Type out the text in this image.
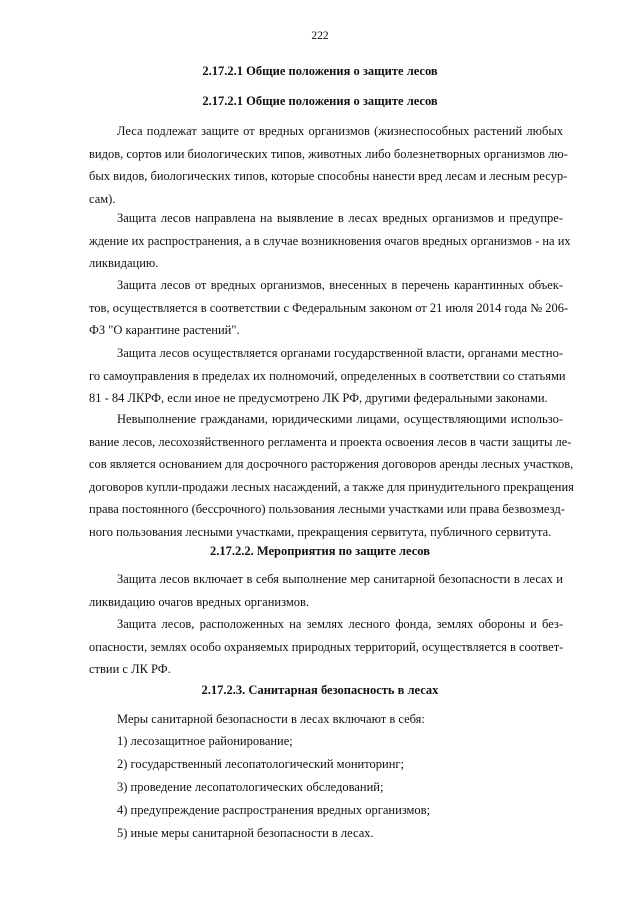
222
2.17.2.1 Общие положения о защите лесов
2.17.2.1 Общие положения о защите лесов
Леса подлежат защите от вредных организмов (жизнеспособных растений любых
видов, сортов или биологических типов, животных либо болезнетворных организмов лю-
бых видов, биологических типов, которые способны нанести вред лесам и лесным ресур-
сам).
Защита лесов направлена на выявление в лесах вредных организмов и предупре-
ждение их распространения, а в случае возникновения очагов вредных организмов - на их
ликвидацию.
Защита лесов от вредных организмов, внесенных в перечень карантинных объек-
тов, осуществляется в соответствии с Федеральным законом от 21 июля 2014 года № 206-
ФЗ "О карантине растений".
Защита лесов осуществляется органами государственной власти, органами местно-
го самоуправления в пределах их полномочий, определенных в соответствии со статьями
81 - 84 ЛКРФ, если иное не предусмотрено ЛК РФ, другими федеральными законами.
Невыполнение гражданами, юридическими лицами, осуществляющими использо-
вание лесов, лесохозяйственного регламента и проекта освоения лесов в части защиты ле-
сов является основанием для досрочного расторжения договоров аренды лесных участков,
договоров купли-продажи лесных насаждений, а также для принудительного прекращения
права постоянного (бессрочного) пользования лесными участками или права безвозмезд-
ного пользования лесными участками, прекращения сервитута, публичного сервитута.
2.17.2.2. Мероприятия по защите лесов
Защита лесов включает в себя выполнение мер санитарной безопасности в лесах и
ликвидацию очагов вредных организмов.
Защита лесов, расположенных на землях лесного фонда, землях обороны и без-
опасности, землях особо охраняемых природных территорий, осуществляется в соответ-
ствии с ЛК РФ.
2.17.2.3. Санитарная безопасность в лесах
Меры санитарной безопасности в лесах включают в себя:
1) лесозащитное районирование;
2) государственный лесопатологический мониторинг;
3) проведение лесопатологических обследований;
4) предупреждение распространения вредных организмов;
5) иные меры санитарной безопасности в лесах.
